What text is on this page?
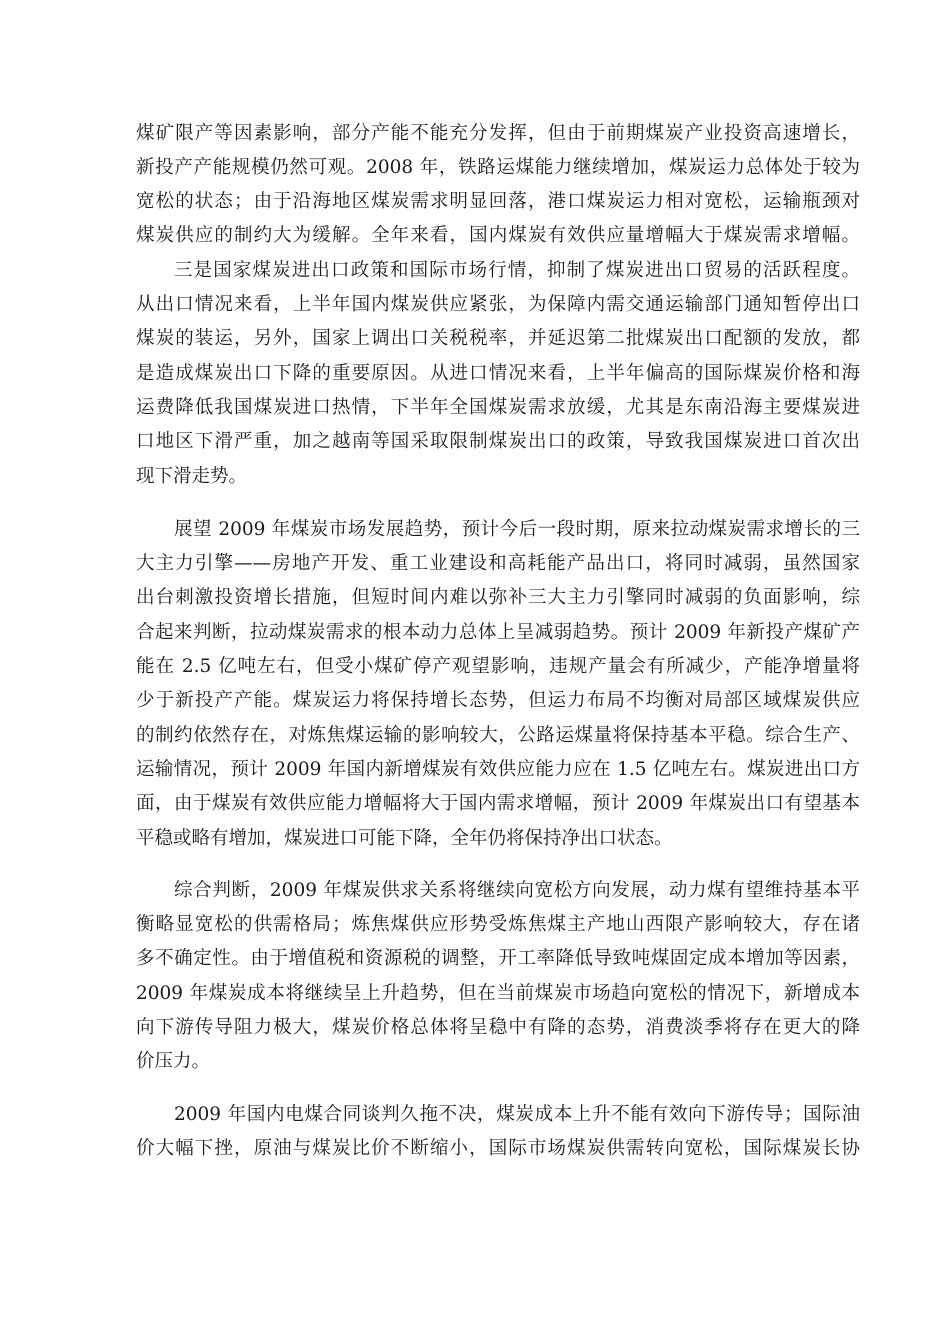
煤矿限产等因素影响，部分产能不能充分发挥，但由于前期煤炭产业投资高速增长，
新投产产能规模仍然可观。2008 年，铁路运煤能力继续增加，煤炭运力总体处于较为
宽松的状态；由于沿海地区煤炭需求明显回落，港口煤炭运力相对宽松，运输瓶颈对
煤炭供应的制约大为缓解。全年来看，国内煤炭有效供应量增幅大于煤炭需求增幅。
三是国家煤炭进出口政策和国际市场行情，抑制了煤炭进出口贸易的活跃程度。
从出口情况来看，上半年国内煤炭供应紧张，为保障内需交通运输部门通知暂停出口
煤炭的装运，另外，国家上调出口关税税率，并延迟第二批煤炭出口配额的发放，都
是造成煤炭出口下降的重要原因。从进口情况来看，上半年偏高的国际煤炭价格和海
运费降低我国煤炭进口热情，下半年全国煤炭需求放缓，尤其是东南沿海主要煤炭进
口地区下滑严重，加之越南等国采取限制煤炭出口的政策，导致我国煤炭进口首次出
现下滑走势。
展望 2009 年煤炭市场发展趋势，预计今后一段时期，原来拉动煤炭需求增长的三
大主力引擎——房地产开发、重工业建设和高耗能产品出口，将同时减弱，虽然国家
出台刺激投资增长措施，但短时间内难以弥补三大主力引擎同时减弱的负面影响，综
合起来判断，拉动煤炭需求的根本动力总体上呈减弱趋势。预计 2009 年新投产煤矿产
能在 2.5 亿吨左右，但受小煤矿停产观望影响，违规产量会有所减少，产能净增量将
少于新投产产能。煤炭运力将保持增长态势，但运力布局不均衡对局部区域煤炭供应
的制约依然存在，对炼焦煤运输的影响较大，公路运煤量将保持基本平稳。综合生产、
运输情况，预计 2009 年国内新增煤炭有效供应能力应在 1.5 亿吨左右。煤炭进出口方
面，由于煤炭有效供应能力增幅将大于国内需求增幅，预计 2009 年煤炭出口有望基本
平稳或略有增加，煤炭进口可能下降，全年仍将保持净出口状态。
综合判断，2009 年煤炭供求关系将继续向宽松方向发展，动力煤有望维持基本平
衡略显宽松的供需格局；炼焦煤供应形势受炼焦煤主产地山西限产影响较大，存在诸
多不确定性。由于增值税和资源税的调整，开工率降低导致吨煤固定成本增加等因素，
2009 年煤炭成本将继续呈上升趋势，但在当前煤炭市场趋向宽松的情况下，新增成本
向下游传导阻力极大，煤炭价格总体将呈稳中有降的态势，消费淡季将存在更大的降
价压力。
2009 年国内电煤合同谈判久拖不决，煤炭成本上升不能有效向下游传导；国际油
价大幅下挫，原油与煤炭比价不断缩小，国际市场煤炭供需转向宽松，国际煤炭长协
